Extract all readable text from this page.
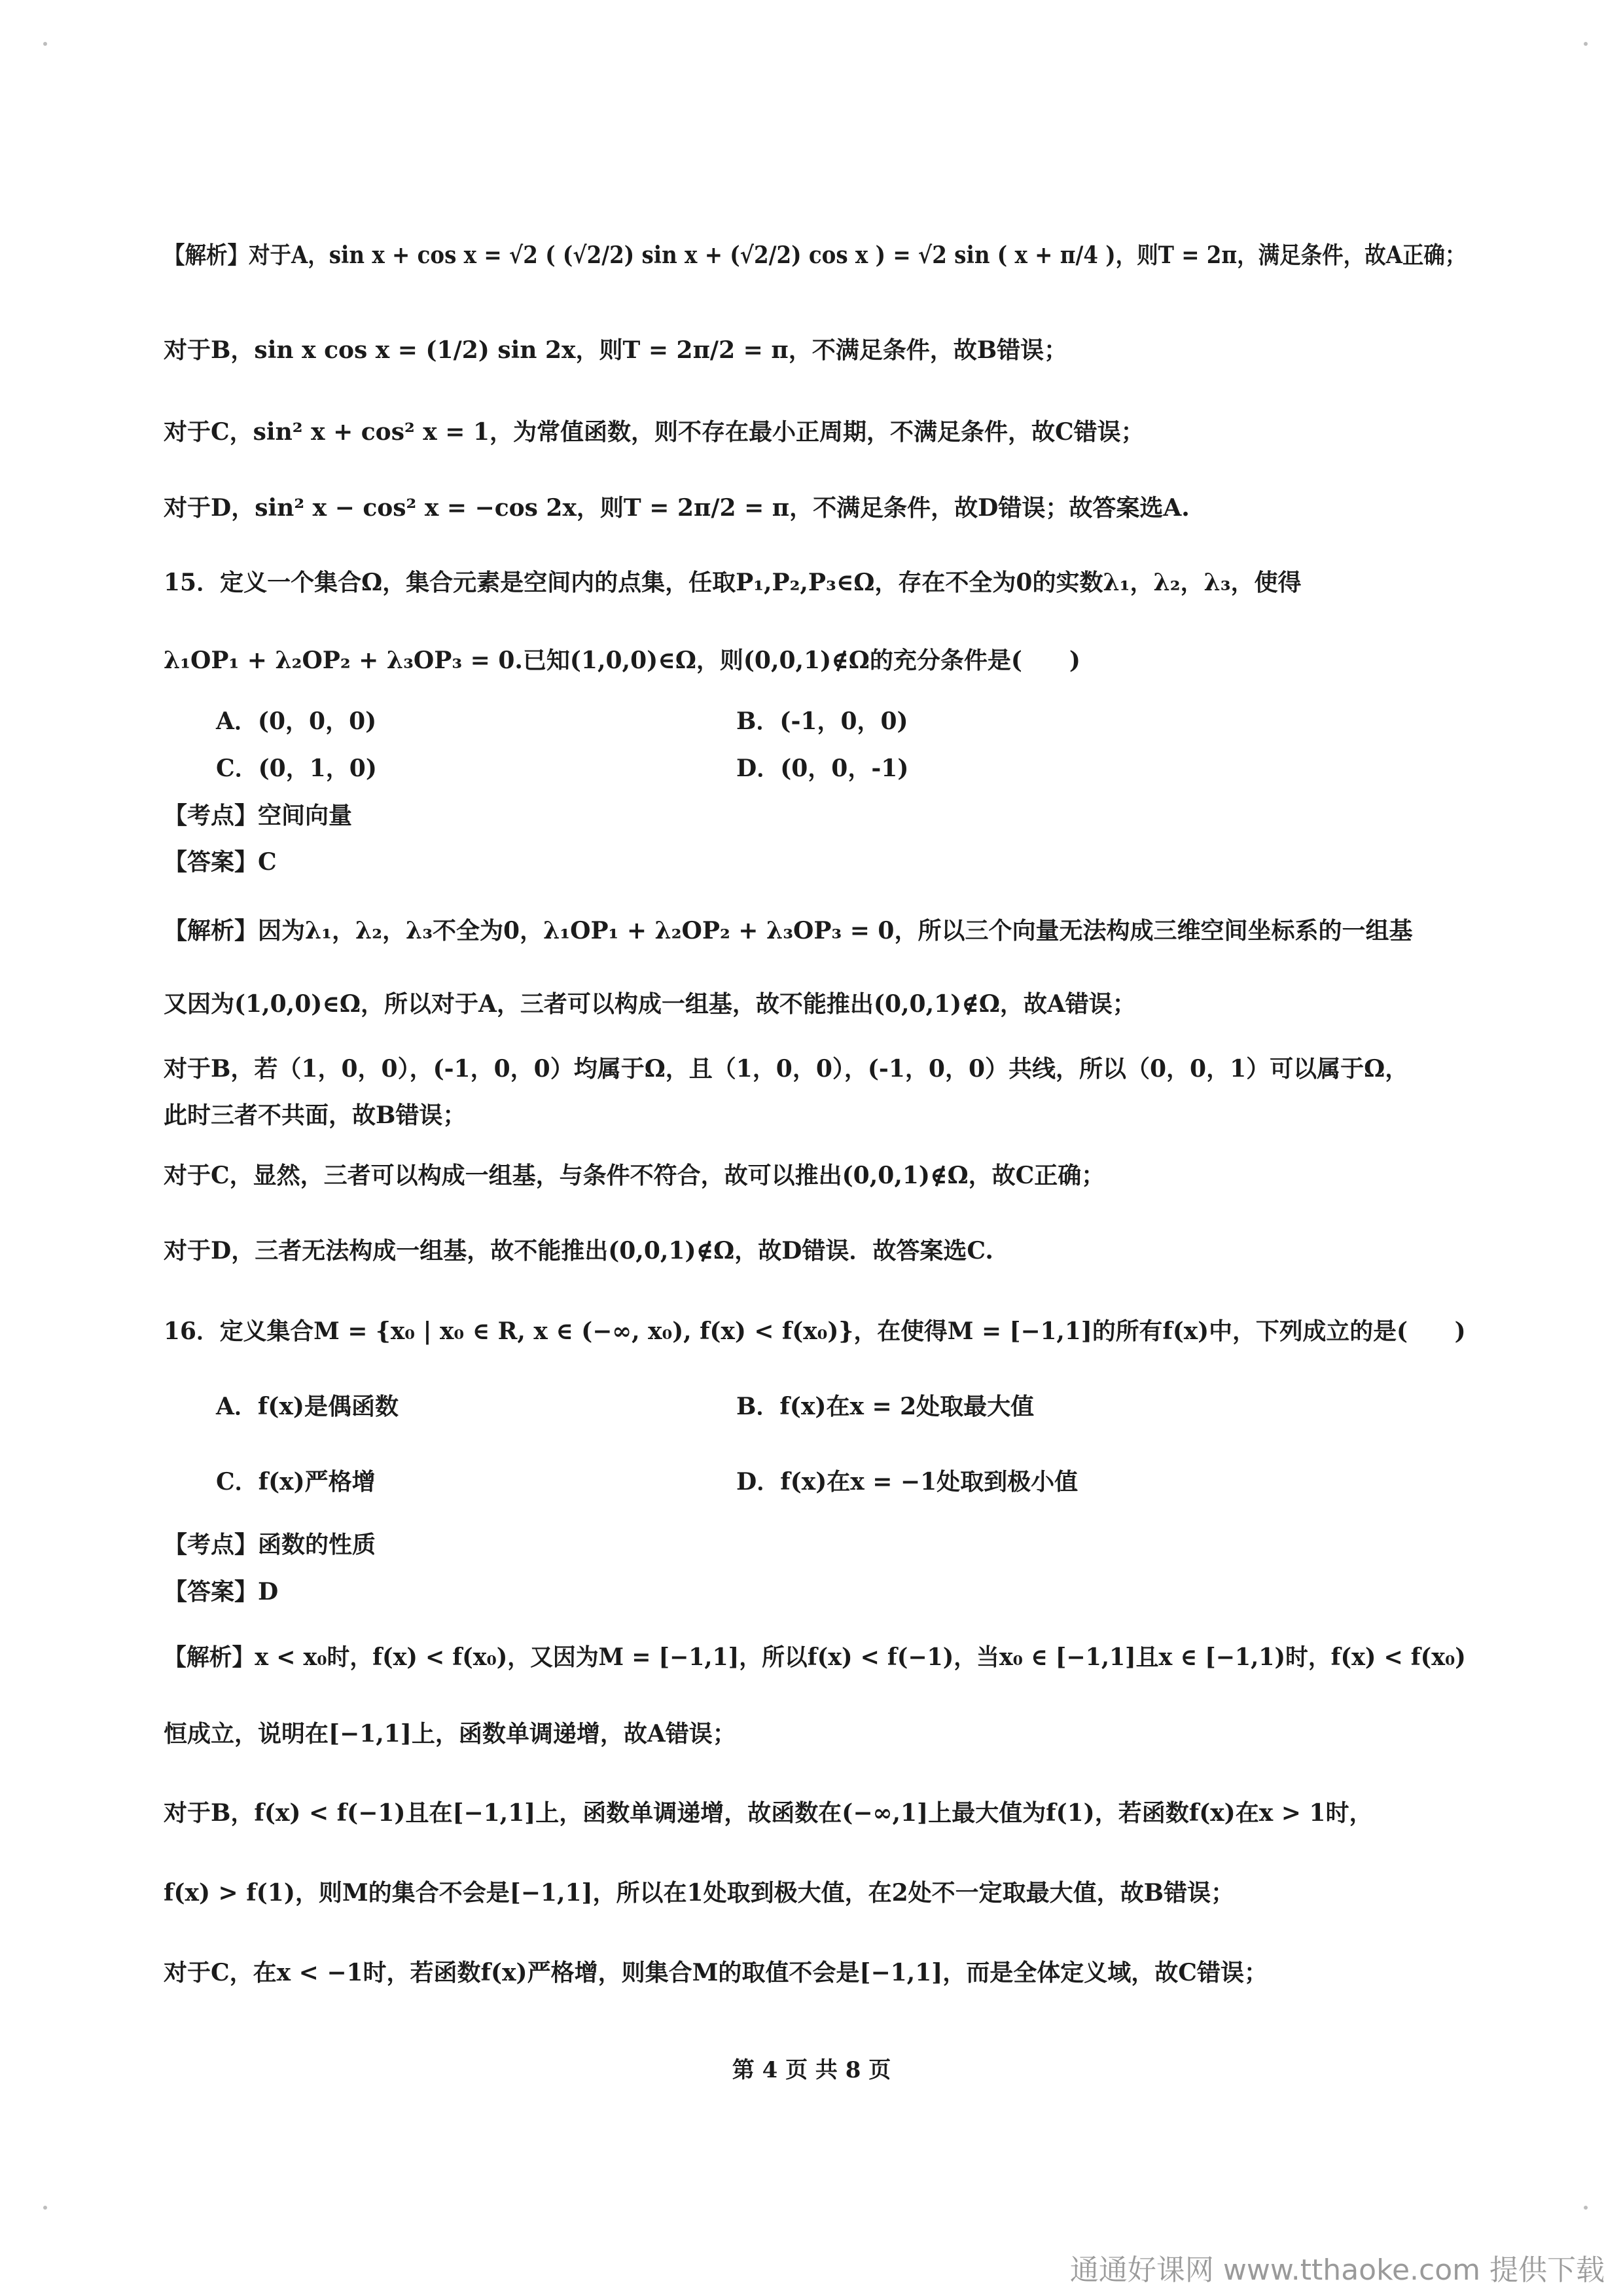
【解析】对于A，sin x + cos x = √2 ( (√2/2) sin x + (√2/2) cos x ) = √2 sin ( x + π/4 )，则T = 2π，满足条件，故A正确；
对于B，sin x cos x = (1/2) sin 2x，则T = 2π/2 = π，不满足条件，故B错误；
对于C，sin² x + cos² x = 1，为常值函数，则不存在最小正周期，不满足条件，故C错误；
对于D，sin² x − cos² x = −cos 2x，则T = 2π/2 = π，不满足条件，故D错误；故答案选A.
15．定义一个集合Ω，集合元素是空间内的点集，任取P₁,P₂,P₃∈Ω，存在不全为0的实数λ₁，λ₂，λ₃，使得
λ₁OP₁ + λ₂OP₂ + λ₃OP₃ = 0.已知(1,0,0)∈Ω，则(0,0,1)∉Ω的充分条件是(　　)
A．(0，0，0)	B．(-1，0，0)
C．(0，1，0)	D．(0，0，-1)
【考点】空间向量
【答案】C
【解析】因为λ₁，λ₂，λ₃不全为0，λ₁OP₁ + λ₂OP₂ + λ₃OP₃ = 0，所以三个向量无法构成三维空间坐标系的一组基
又因为(1,0,0)∈Ω，所以对于A，三者可以构成一组基，故不能推出(0,0,1)∉Ω，故A错误；
对于B，若（1，0，0），(-1，0，0）均属于Ω，且（1，0，0），(-1，0，0）共线，所以（0，0，1）可以属于Ω，
此时三者不共面，故B错误；
对于C，显然，三者可以构成一组基，与条件不符合，故可以推出(0,0,1)∉Ω，故C正确；
对于D，三者无法构成一组基，故不能推出(0,0,1)∉Ω，故D错误．故答案选C.
16．定义集合M = {x₀ | x₀ ∈ R, x ∈ (−∞, x₀), f(x) < f(x₀)}，在使得M = [−1,1]的所有f(x)中，下列成立的是(　　)
A．f(x)是偶函数	B．f(x)在x = 2处取最大值
C．f(x)严格增	D．f(x)在x = −1处取到极小值
【考点】函数的性质
【答案】D
【解析】x < x₀时，f(x) < f(x₀)，又因为M = [−1,1]，所以f(x) < f(−1)，当x₀ ∈ [−1,1]且x ∈ [−1,1)时，f(x) < f(x₀)
恒成立，说明在[−1,1]上，函数单调递增，故A错误；
对于B，f(x) < f(−1)且在[−1,1]上，函数单调递增，故函数在(−∞,1]上最大值为f(1)，若函数f(x)在x > 1时，
f(x) > f(1)，则M的集合不会是[−1,1]，所以在1处取到极大值，在2处不一定取最大值，故B错误；
对于C，在x < −1时，若函数f(x)严格增，则集合M的取值不会是[−1,1]，而是全体定义域，故C错误；
第 4 页 共 8 页
通通好课网 www.tthaoke.com 提供下载
